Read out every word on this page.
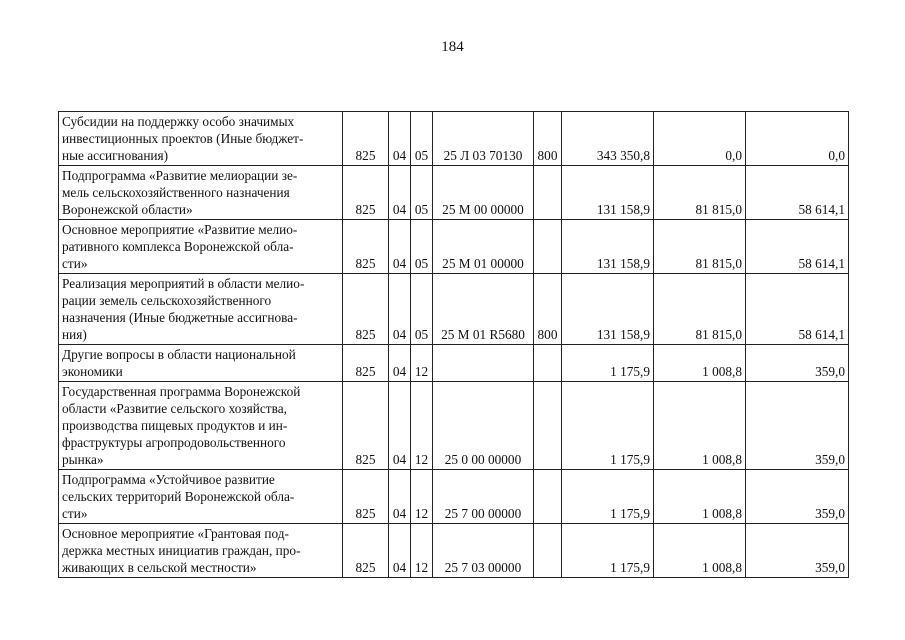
184
Субсидии на поддержку особо значимых
инвестиционных проектов (Иные бюджет-
ные ассигнования)	825	04	05	25 Л 03 70130	800	343 350,8	0,0	0,0

Подпрограмма «Развитие мелиорации зе-
мель сельскохозяйственного назначения
Воронежской области»	825	04	05	25 М 00 00000		131 158,9	81 815,0	58 614,1

Основное мероприятие «Развитие мелио-
ративного комплекса Воронежской обла-
сти»	825	04	05	25 М 01 00000		131 158,9	81 815,0	58 614,1

Реализация мероприятий в области мелио-
рации земель сельскохозяйственного
назначения (Иные бюджетные ассигнова-
ния)	825	04	05	25 М 01 R5680	800	131 158,9	81 815,0	58 614,1

Другие вопросы в области национальной
экономики	825	04	12			1 175,9	1 008,8	359,0

Государственная программа Воронежской
области «Развитие сельского хозяйства,
производства пищевых продуктов и ин-
фраструктуры агропродовольственного
рынка»	825	04	12	25 0 00 00000		1 175,9	1 008,8	359,0

Подпрограмма «Устойчивое развитие
сельских территорий Воронежской обла-
сти»	825	04	12	25 7 00 00000		1 175,9	1 008,8	359,0

Основное мероприятие «Грантовая под-
держка местных инициатив граждан, про-
живающих в сельской местности»	825	04	12	25 7 03 00000		1 175,9	1 008,8	359,0
